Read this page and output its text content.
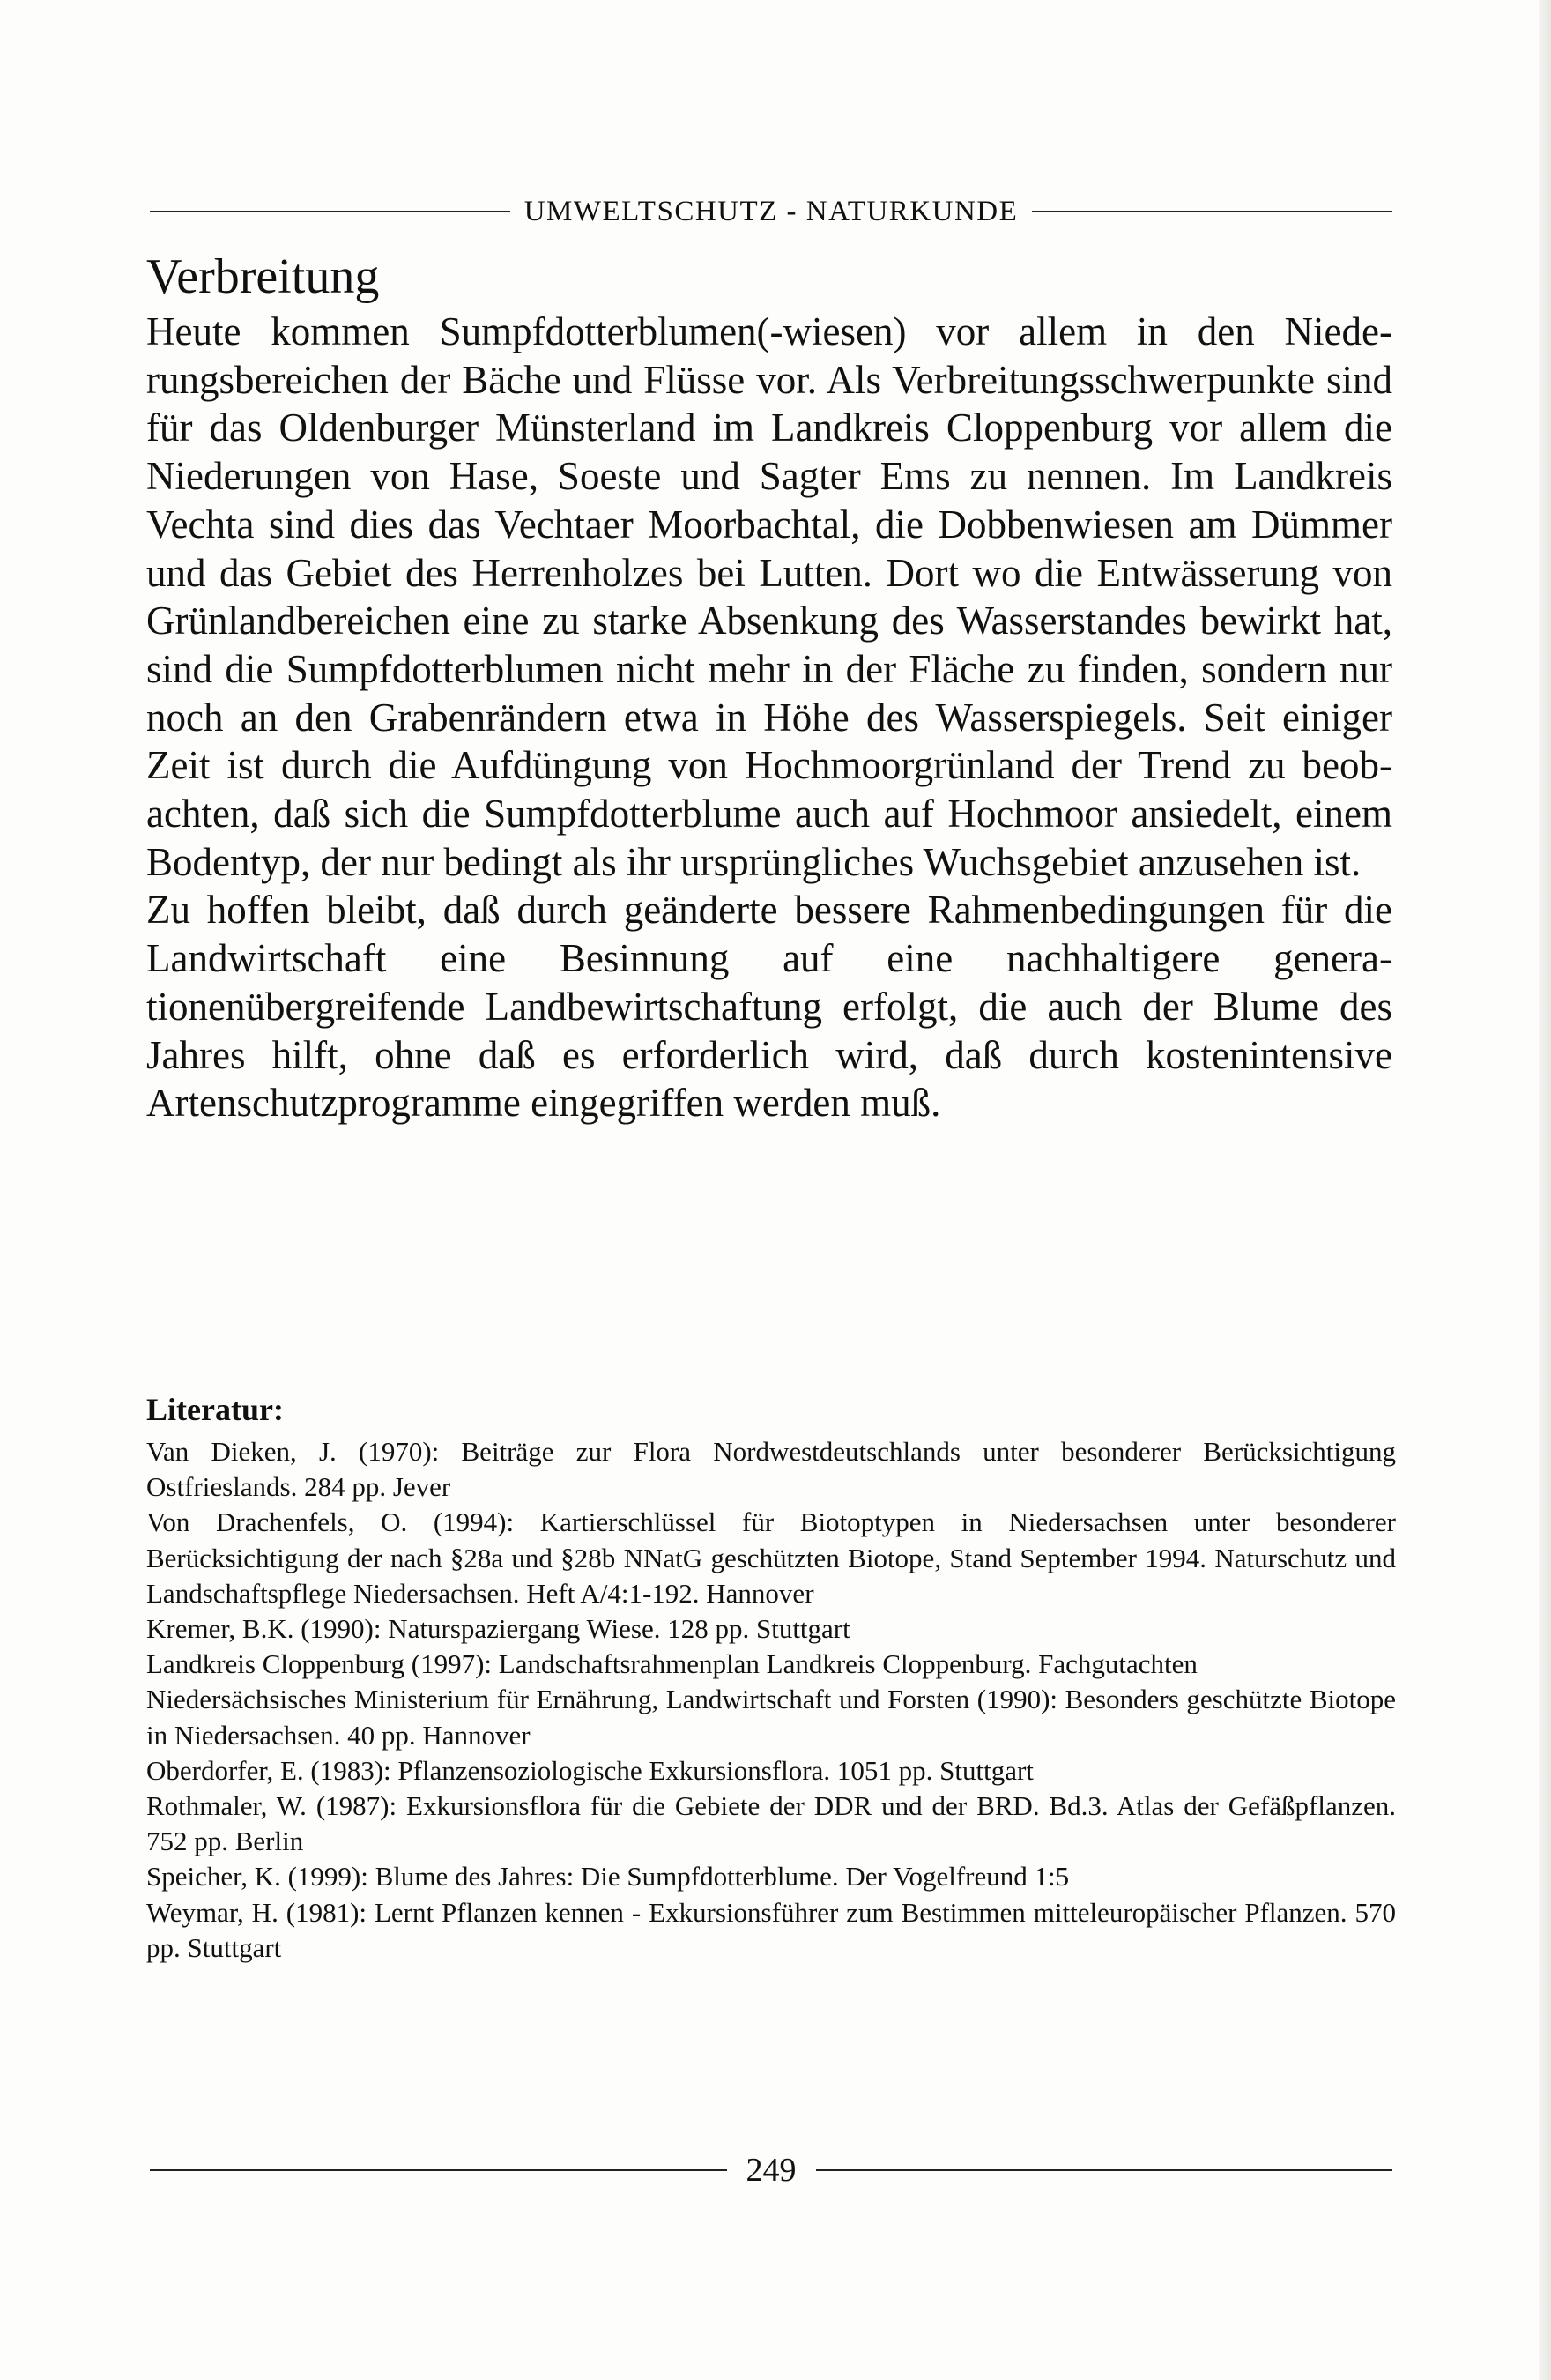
UMWELTSCHUTZ - NATURKUNDE
Verbreitung

Heute kommen Sumpfdotterblumen(-wiesen) vor allem in den Niederungsbereichen der Bäche und Flüsse vor. Als Verbreitungsschwerpunkte sind für das Oldenburger Münsterland im Landkreis Cloppenburg vor allem die Niederungen von Hase, Soeste und Sagter Ems zu nennen. Im Landkreis Vechta sind dies das Vechtaer Moorbachtal, die Dobbenwiesen am Dümmer und das Gebiet des Herrenholzes bei Lutten. Dort wo die Entwässerung von Grünlandbereichen eine zu starke Absenkung des Wasserstandes bewirkt hat, sind die Sumpfdotterblumen nicht mehr in der Fläche zu finden, sondern nur noch an den Grabenrändern etwa in Höhe des Wasserspiegels. Seit einiger Zeit ist durch die Aufdüngung von Hochmoorgrünland der Trend zu beobachten, daß sich die Sumpfdotterblume auch auf Hochmoor ansiedelt, einem Bodentyp, der nur bedingt als ihr ursprüngliches Wuchsgebiet anzusehen ist.

Zu hoffen bleibt, daß durch geänderte bessere Rahmenbedingungen für die Landwirtschaft eine Besinnung auf eine nachhaltigere generationenübergreifende Landbewirtschaftung erfolgt, die auch der Blume des Jahres hilft, ohne daß es erforderlich wird, daß durch kostenintensive Artenschutzprogramme eingegriffen werden muß.

Literatur:

Van Dieken, J. (1970): Beiträge zur Flora Nordwestdeutschlands unter besonderer Berücksichtigung Ostfrieslands. 284 pp. Jever

Von Drachenfels, O. (1994): Kartierschlüssel für Biotoptypen in Niedersachsen unter besonderer Berücksichtigung der nach §28a und §28b NNatG geschützten Biotope, Stand September 1994. Naturschutz und Landschaftspflege Niedersachsen. Heft A/4:1-192. Hannover

Kremer, B.K. (1990): Naturspaziergang Wiese. 128 pp. Stuttgart

Landkreis Cloppenburg (1997): Landschaftsrahmenplan Landkreis Cloppenburg. Fachgutachten

Niedersächsisches Ministerium für Ernährung, Landwirtschaft und Forsten (1990): Besonders geschützte Biotope in Niedersachsen. 40 pp. Hannover

Oberdorfer, E. (1983): Pflanzensoziologische Exkursionsflora. 1051 pp. Stuttgart

Rothmaler, W. (1987): Exkursionsflora für die Gebiete der DDR und der BRD. Bd.3. Atlas der Gefäßpflanzen. 752 pp. Berlin

Speicher, K. (1999): Blume des Jahres: Die Sumpfdotterblume. Der Vogelfreund 1:5

Weymar, H. (1981): Lernt Pflanzen kennen - Exkursionsführer zum Bestimmen mitteleuropäischer Pflanzen. 570 pp. Stuttgart

249
